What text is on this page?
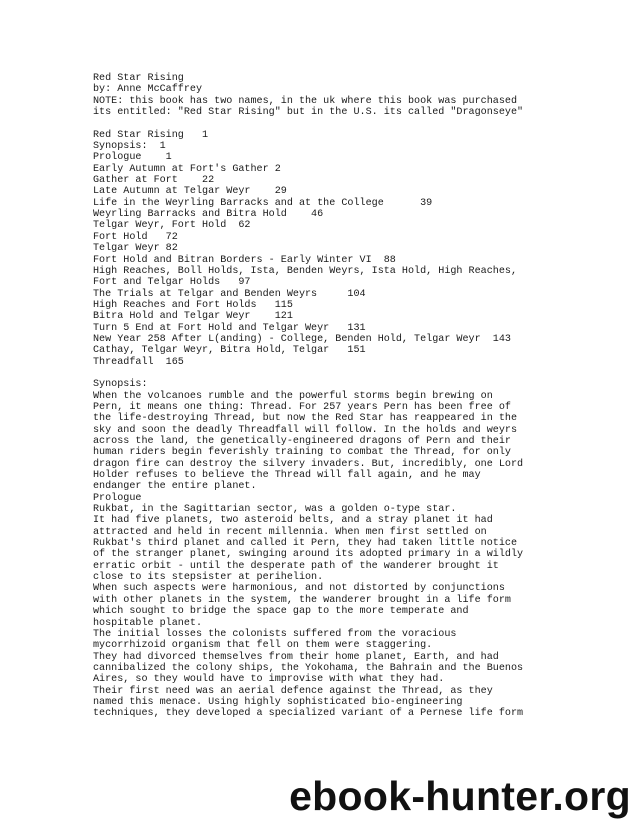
Red Star Rising
by: Anne McCaffrey
NOTE: this book has two names, in the uk where this book was purchased
its entitled: "Red Star Rising" but in the U.S. its called "Dragonseye"
Red Star Rising   1
Synopsis:  1
Prologue    1
Early Autumn at Fort's Gather 2
Gather at Fort    22
Late Autumn at Telgar Weyr    29
Life in the Weyrling Barracks and at the College      39
Weyrling Barracks and Bitra Hold    46
Telgar Weyr, Fort Hold  62
Fort Hold   72
Telgar Weyr 82
Fort Hold and Bitran Borders - Early Winter VI  88
High Reaches, Boll Holds, Ista, Benden Weyrs, Ista Hold, High Reaches,
Fort and Telgar Holds   97
The Trials at Telgar and Benden Weyrs     104
High Reaches and Fort Holds   115
Bitra Hold and Telgar Weyr    121
Turn 5 End at Fort Hold and Telgar Weyr   131
New Year 258 After L(anding) - College, Benden Hold, Telgar Weyr  143
Cathay, Telgar Weyr, Bitra Hold, Telgar   151
Threadfall  165
Synopsis:
When the volcanoes rumble and the powerful storms begin brewing on
Pern, it means one thing: Thread. For 257 years Pern has been free of
the life-destroying Thread, but now the Red Star has reappeared in the
sky and soon the deadly Threadfall will follow. In the holds and weyrs
across the land, the genetically-engineered dragons of Pern and their
human riders begin feverishly training to combat the Thread, for only
dragon fire can destroy the silvery invaders. But, incredibly, one Lord
Holder refuses to believe the Thread will fall again, and he may
endanger the entire planet.
Prologue
Rukbat, in the Sagittarian sector, was a golden o-type star.
It had five planets, two asteroid belts, and a stray planet it had
attracted and held in recent millennia. When men first settled on
Rukbat's third planet and called it Pern, they had taken little notice
of the stranger planet, swinging around its adopted primary in a wildly
erratic orbit - until the desperate path of the wanderer brought it
close to its stepsister at perihelion.
When such aspects were harmonious, and not distorted by conjunctions
with other planets in the system, the wanderer brought in a life form
which sought to bridge the space gap to the more temperate and
hospitable planet.
The initial losses the colonists suffered from the voracious
mycorrhizoid organism that fell on them were staggering.
They had divorced themselves from their home planet, Earth, and had
cannibalized the colony ships, the Yokohama, the Bahrain and the Buenos
Aires, so they would have to improvise with what they had.
Their first need was an aerial defence against the Thread, as they
named this menace. Using highly sophisticated bio-engineering
techniques, they developed a specialized variant of a Pernese life form
ebook-hunter.org
